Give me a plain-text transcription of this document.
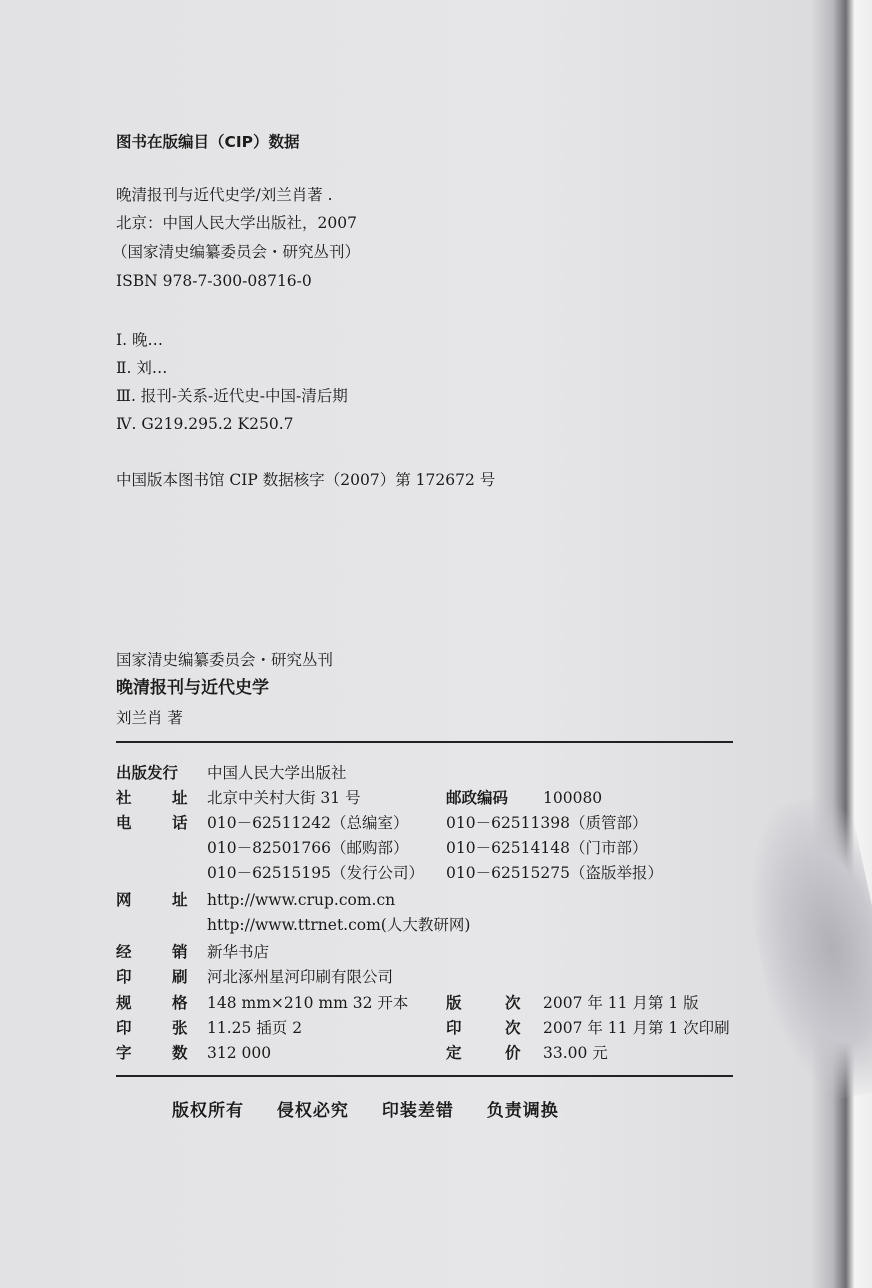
图书在版编目（CIP）数据
晚清报刊与近代史学/刘兰肖著 .
北京：中国人民大学出版社，2007
（国家清史编纂委员会・研究丛刊）
ISBN 978-7-300-08716-0
Ⅰ. 晚…
Ⅱ. 刘…
Ⅲ. 报刊-关系-近代史-中国-清后期
Ⅳ. G219.295.2 K250.7
中国版本图书馆 CIP 数据核字（2007）第 172672 号
国家清史编纂委员会・研究丛刊
晚清报刊与近代史学
刘兰肖 著
出版发行 中国人民大学出版社
社	址 北京中关村大街 31 号	邮政编码 100080
电	话 010－62511242（总编室） 010－62511398（质管部）
010－82501766（邮购部） 010－62514148（门市部）
010－62515195（发行公司） 010－62515275（盗版举报）
网	址 http://www.crup.com.cn
http://www.ttrnet.com(人大教研网)
经	销 新华书店
印	刷 河北涿州星河印刷有限公司
规	格 148 mm×210 mm 32 开本 版	次 2007 年 11 月第 1 版
印	张 11.25 插页 2	印	次 2007 年 11 月第 1 次印刷
字	数 312 000	定	价 33.00 元
版权所有 侵权必究 印装差错 负责调换
